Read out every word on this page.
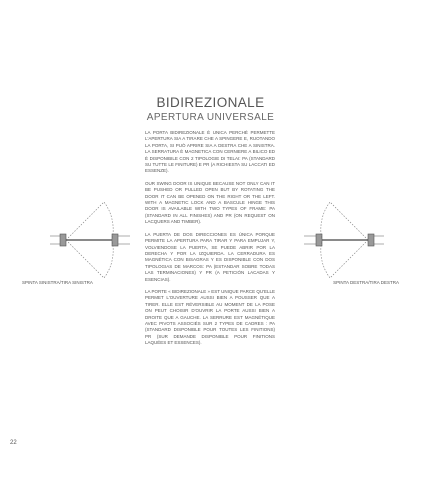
BIDIREZIONALE
APERTURA UNIVERSALE

LA PORTA BIDIREZIONALE È UNICA PERCHÉ PERMETTE L'APERTURA SIA A TIRARE CHE A SPINGERE E, RUOTANDO LA PORTA, SI PUÒ APRIRE SIA A DESTRA CHE A SINISTRA. LA SERRATURA È MAGNETICA CON CERNIERE A BILICO ED È DISPONIBILE CON 2 TIPOLOGIE DI TELAI: PA (STANDARD SU TUTTE LE FINITURE) E PR (A RICHIESTA SU LACCATI ED ESSENZE).

OUR SWING DOOR IS UNIQUE BECAUSE NOT ONLY CAN IT BE PUSHED OR PULLED OPEN BUT BY ROTATING THE DOOR IT CAN BE OPENED ON THE RIGHT OR THE LEFT. WITH A MAGNETIC LOCK AND A BASCULE HINGE THIS DOOR IS AVAILABLE WITH TWO TYPES OF FRAME: PA (STANDARD IN ALL FINISHES) AND PR (ON REQUEST ON LACQUERS AND TIMBER).

LA PUERTA DE DOS DIRECCIONES ES ÚNICA PORQUE PERMITE LA APERTURA PARA TIRAR Y PARA EMPUJAR Y, VOLVIENDOSE LA PUERTA, SE PUEDE ABRIR POR LA DERECHA Y POR LA IZQUIERDA. LA CERRADURA ES MAGNÉTICA CON BISAGRAS Y ES DISPONIBLE CON DOS TIPOLOGIAS DE MARCOS: PA (ESTANDAR SOBRE TODAS LAS TERMINACIONES) Y PR (A PETICIÓN LACADAS Y ESENCIAS).

LA PORTE « BIDIREZIONALE » EST UNIQUE PARCE QU'ELLE PERMET L'OUVERTURE AUSSI BIEN A POUSSER QUE A TIRER. ELLE EST RÉVERSIBLE AU MOMENT DE LA POSE ON PEUT CHOISIR D'OUVRIR LA PORTE AUSSI BIEN A DROITE QUE A GAUCHE. LA SERRURE EST MAGNÉTIQUE AVEC PIVOTS ASSOCIÉS SUR 2 TYPES DE CADRES : PA (STANDARD DISPONIBLE POUR TOUTES LES FINITIONS) PR (SUR DEMANDE DISPONIBLE POUR FINITIONS LAQUÉES ET ESSENCES).

SPINTA SINISTRA/TIRA SINISTRA	SPINTA DESTRA/TIRA DESTRA
22
